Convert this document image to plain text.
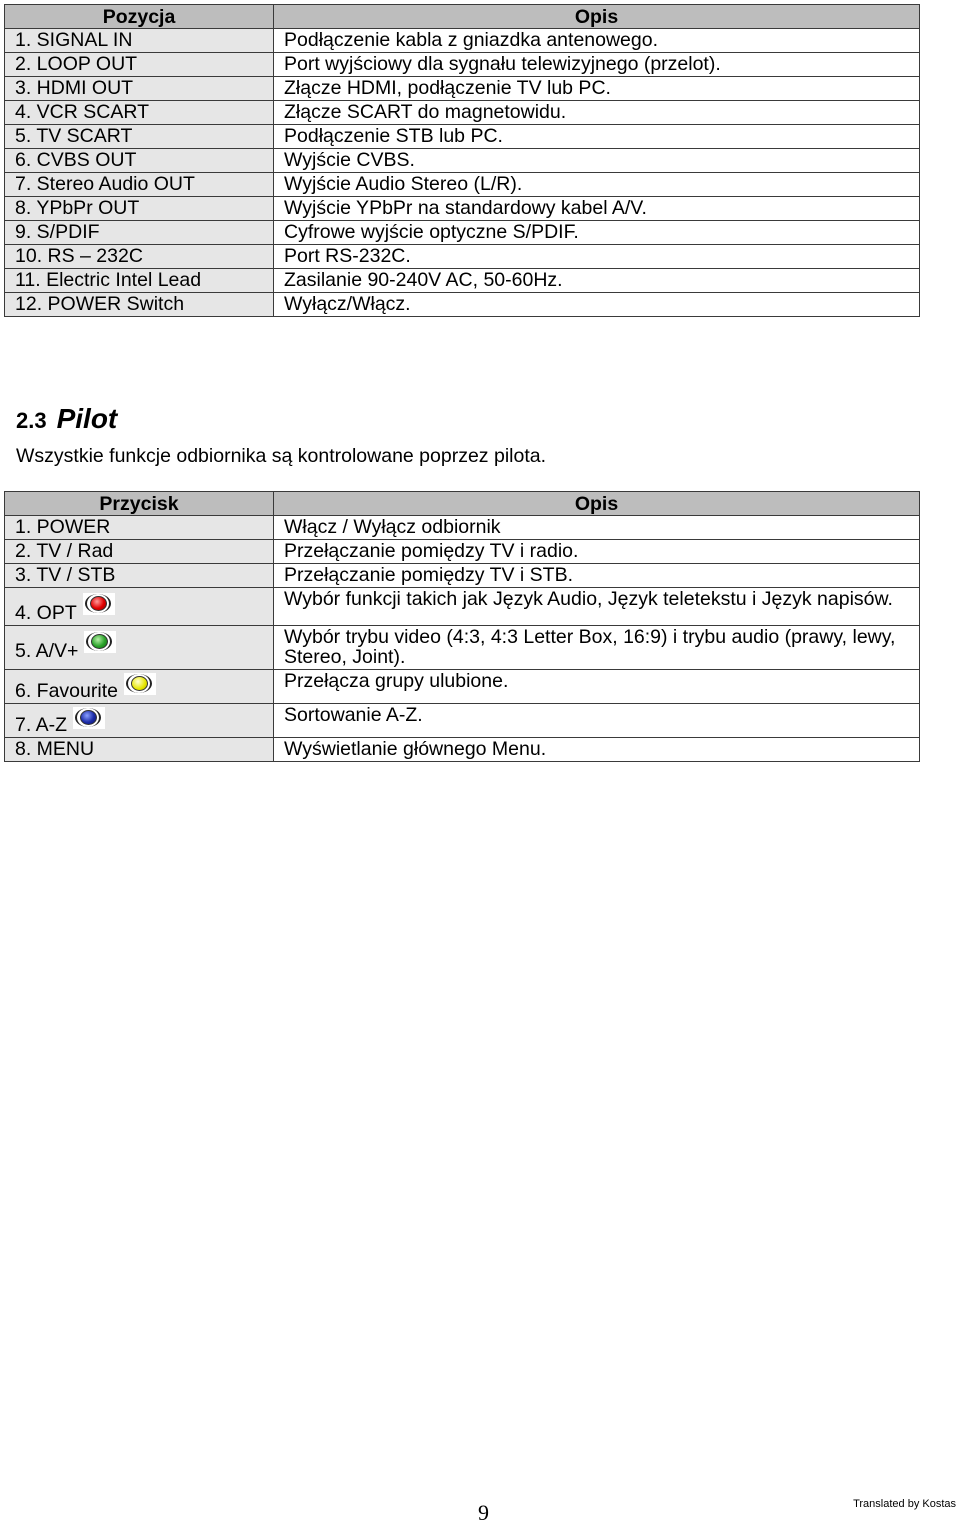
Pozycja	Opis
1. SIGNAL IN	Podłączenie kabla z gniazdka antenowego.
2. LOOP OUT	Port wyjściowy dla sygnału telewizyjnego (przelot).
3. HDMI OUT	Złącze HDMI, podłączenie TV lub PC.
4. VCR SCART	Złącze SCART do magnetowidu.
5. TV SCART	Podłączenie STB lub PC.
6. CVBS OUT	Wyjście CVBS.
7. Stereo Audio OUT	Wyjście Audio Stereo (L/R).
8. YPbPr OUT	Wyjście YPbPr na standardowy kabel A/V.
9. S/PDIF	Cyfrowe wyjście optyczne S/PDIF.
10. RS – 232C	Port RS-232C.
11. Electric Intel Lead	Zasilanie 90-240V AC, 50-60Hz.
12. POWER Switch	Wyłącz/Włącz.
2.3 Pilot

Wszystkie funkcje odbiornika są kontrolowane poprzez pilota.

Przycisk	Opis
1. POWER	Włącz / Wyłącz odbiornik
2. TV / Rad	Przełączanie pomiędzy TV i radio.
3. TV / STB	Przełączanie pomiędzy TV i STB.
4. OPT	Wybór funkcji takich jak Język Audio, Język teletekstu i Język napisów.
5. A/V+	Wybór trybu video (4:3, 4:3 Letter Box, 16:9) i trybu audio (prawy, lewy, Stereo, Joint).
6. Favourite	Przełącza grupy ulubione.
7. A-Z	Sortowanie A-Z.
8. MENU	Wyświetlanie głównego Menu.
9	Translated by Kostas
